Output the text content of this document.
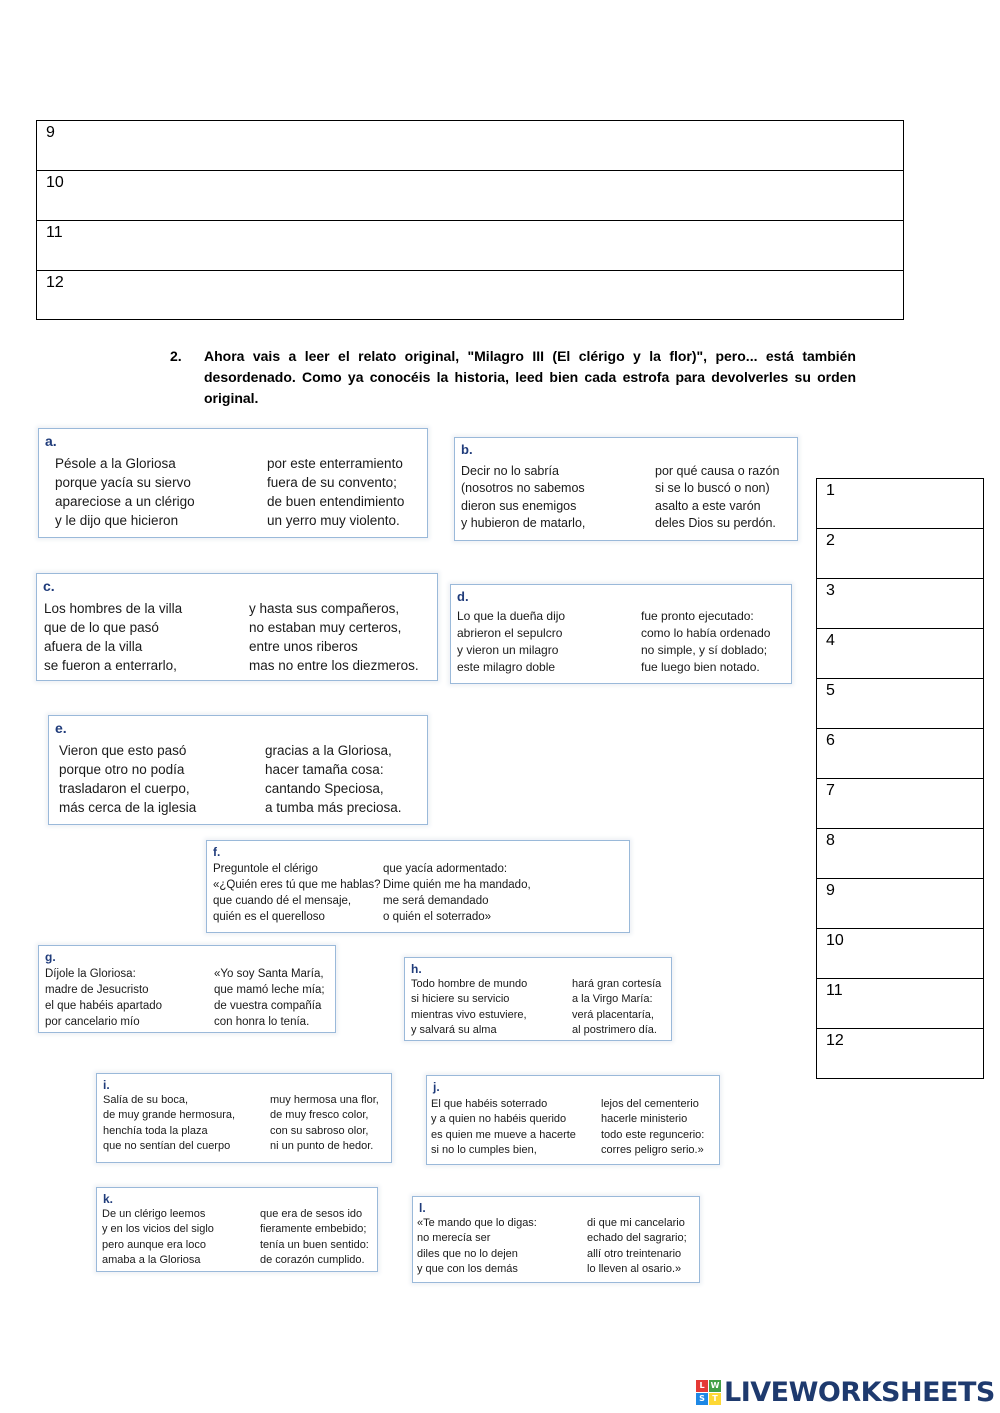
9
10
11
12
2. Ahora vais a leer el relato original, "Milagro III (El clérigo y la flor)", pero... está también desordenado. Como ya conocéis la historia, leed bien cada estrofa para devolverles su orden original.
a.
Pésole a la Gloriosa
porque yacía su siervo
apareciose a un clérigo
y le dijo que hicieron
por este enterramiento
fuera de su convento;
de buen entendimiento
un yerro muy violento.
b.
Decir no lo sabría
(nosotros no sabemos
dieron sus enemigos
y hubieron de matarlo,
por qué causa o razón
si se lo buscó o non)
asalto a este varón
deles Dios su perdón.
c.
Los hombres de la villa
que de lo que pasó
afuera de la villa
se fueron a enterrarlo,
y hasta sus compañeros,
no estaban muy certeros,
entre unos riberos
mas no entre los diezmeros.
d.
Lo que la dueña dijo
abrieron el sepulcro
y vieron un milagro
este milagro doble
fue pronto ejecutado:
como lo había ordenado
no simple, y sí doblado;
fue luego bien notado.
e.
Vieron que esto pasó
porque otro no podía
trasladaron el cuerpo,
más cerca de la iglesia
gracias a la Gloriosa,
hacer tamaña cosa:
cantando Speciosa,
a tumba más preciosa.
f.
Preguntole el clérigo
«¿Quién eres tú que me hablas?
que cuando dé el mensaje,
quién es el querelloso
que yacía adormentado:
Dime quién me ha mandado,
me será demandado
o quién el soterrado»
g.
Díjole la Gloriosa:
madre de Jesucristo
el que habéis apartado
por cancelario mío
«Yo soy Santa María,
que mamó leche mía;
de vuestra compañía
con honra lo tenía.
h.
Todo hombre de mundo
si hiciere su servicio
mientras vivo estuviere,
y salvará su alma
hará gran cortesía
a la Virgo María:
verá placentaría,
al postrimero día.
i.
Salía de su boca,
de muy grande hermosura,
henchía toda la plaza
que no sentían del cuerpo
muy hermosa una flor,
de muy fresco color,
con su sabroso olor,
ni un punto de hedor.
j.
El que habéis soterrado
y a quien no habéis querido
es quien me mueve a hacerte
si no lo cumples bien,
lejos del cementerio
hacerle ministerio
todo este reguncerio:
corres peligro serio.»
k.
De un clérigo leemos
y en los vicios del siglo
pero aunque era loco
amaba a la Gloriosa
que era de sesos ido
fieramente embebido;
tenía un buen sentido:
de corazón cumplido.
l.
«Te mando que lo digas:
no merecía ser
diles que no lo dejen
y que con los demás
di que mi cancelario
echado del sagrario;
allí otro treintenario
lo lleven al osario.»
1
2
3
4
5
6
7
8
9
10
11
12
L W
S T LIVEWORKSHEETS
